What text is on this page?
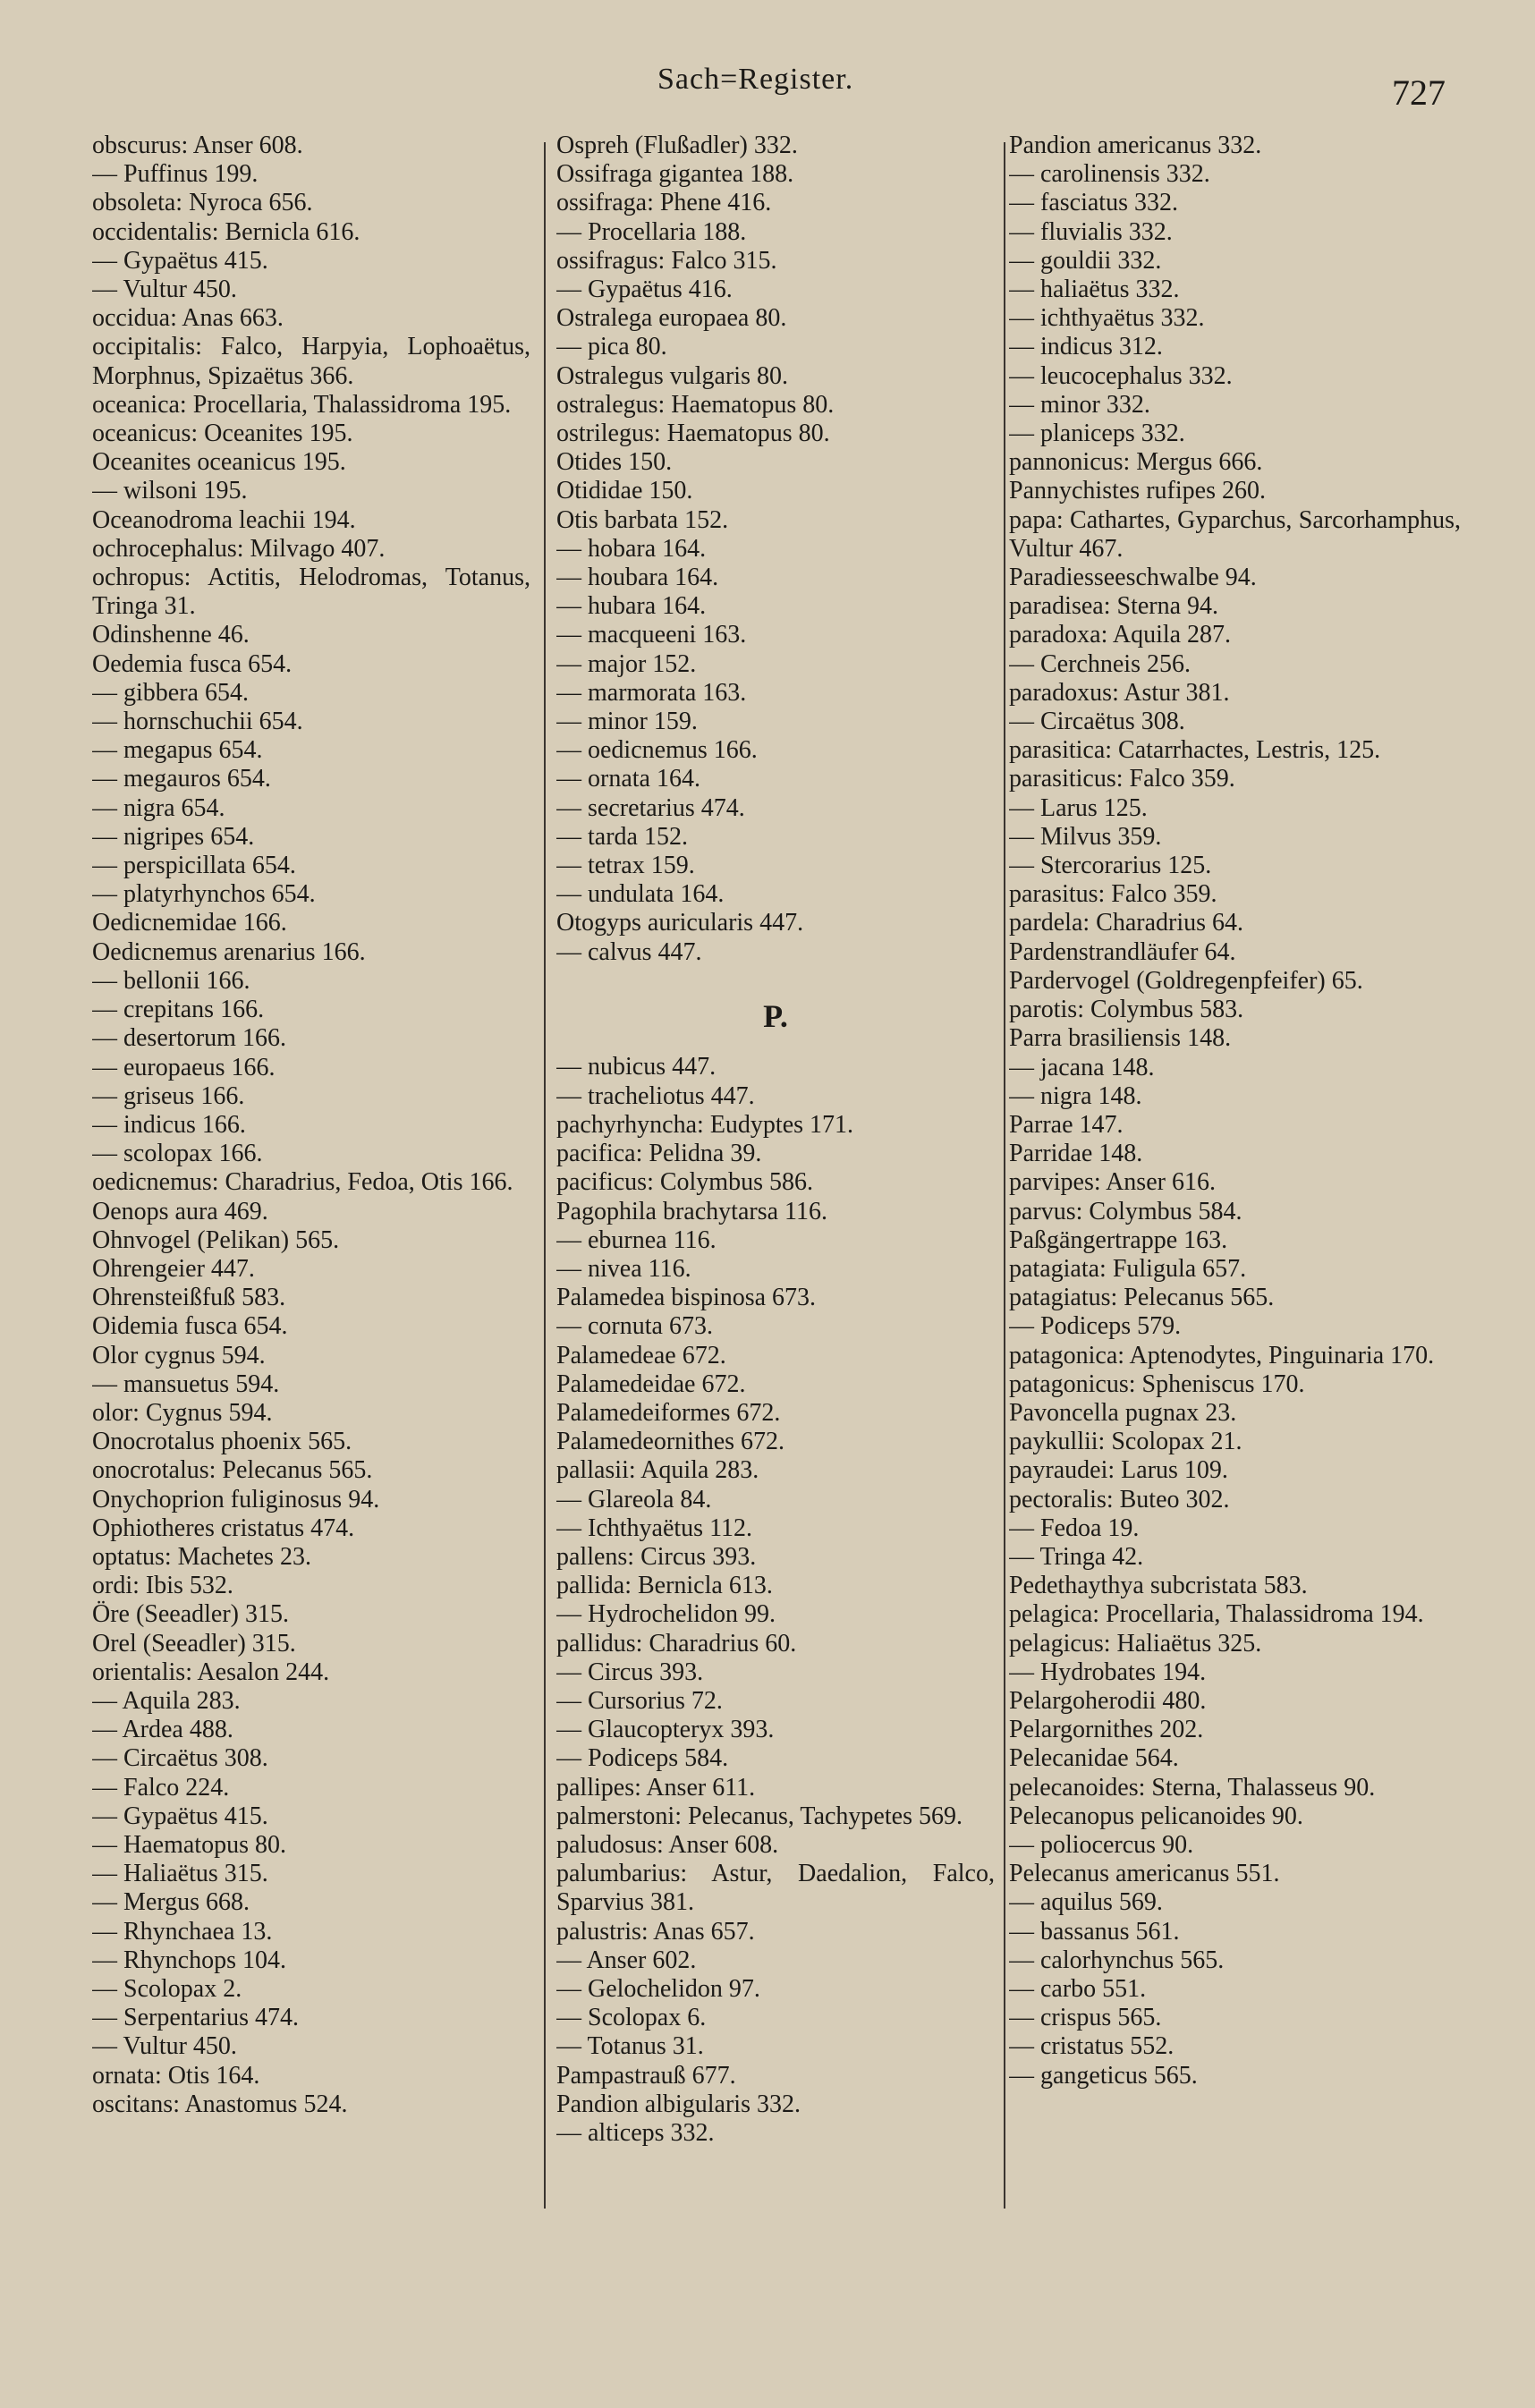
Sach=Register.	727
obscurus: Anser 608.
— Puffinus 199.
obsoleta: Nyroca 656.
occidentalis: Bernicla 616.
— Gypaëtus 415.
— Vultur 450.
occidua: Anas 663.
occipitalis: Falco, Harpyia, Lophoaëtus, Morphnus, Spizaëtus 366.
oceanica: Procellaria, Thalassidroma 195.
oceanicus: Oceanites 195.
Oceanites oceanicus 195.
— wilsoni 195.
Oceanodroma leachii 194.
ochrocephalus: Milvago 407.
ochropus: Actitis, Helodromas, Totanus, Tringa 31.
Odinshenne 46.
Oedemia fusca 654.
— gibbera 654.
— hornschuchii 654.
— megapus 654.
— megauros 654.
— nigra 654.
— nigripes 654.
— perspicillata 654.
— platyrhynchos 654.
Oedicnemidae 166.
Oedicnemus arenarius 166.
— bellonii 166.
— crepitans 166.
— desertorum 166.
— europaeus 166.
— griseus 166.
— indicus 166.
— scolopax 166.
oedicnemus: Charadrius, Fedoa, Otis 166.
Oenops aura 469.
Ohnvogel (Pelikan) 565.
Ohrengeier 447.
Ohrensteißfuß 583.
Oidemia fusca 654.
Olor cygnus 594.
— mansuetus 594.
olor: Cygnus 594.
Onocrotalus phoenix 565.
onocrotalus: Pelecanus 565.
Onychoprion fuliginosus 94.
Ophiotheres cristatus 474.
optatus: Machetes 23.
ordi: Ibis 532.
Öre (Seeadler) 315.
Orel (Seeadler) 315.
orientalis: Aesalon 244.
— Aquila 283.
— Ardea 488.
— Circaëtus 308.
— Falco 224.
— Gypaëtus 415.
— Haematopus 80.
— Haliaëtus 315.
— Mergus 668.
— Rhynchaea 13.
— Rhynchops 104.
— Scolopax 2.
— Serpentarius 474.
— Vultur 450.
ornata: Otis 164.
oscitans: Anastomus 524.
Ospreh (Flußadler) 332.
Ossifraga gigantea 188.
ossifraga: Phene 416.
— Procellaria 188.
ossifragus: Falco 315.
— Gypaëtus 416.
Ostralega europaea 80.
— pica 80.
Ostralegus vulgaris 80.
ostralegus: Haematopus 80.
ostrilegus: Haematopus 80.
Otides 150.
Otididae 150.
Otis barbata 152.
— hobara 164.
— houbara 164.
— hubara 164.
— macqueeni 163.
— major 152.
— marmorata 163.
— minor 159.
— oedicnemus 166.
— ornata 164.
— secretarius 474.
— tarda 152.
— tetrax 159.
— undulata 164.
Otogyps auricularis 447.
— calvus 447.
P.
— nubicus 447.
— tracheliotus 447.
pachyrhyncha: Eudyptes 171.
pacifica: Pelidna 39.
pacificus: Colymbus 586.
Pagophila brachytarsa 116.
— eburnea 116.
— nivea 116.
Palamedea bispinosa 673.
— cornuta 673.
Palamedeae 672.
Palamedeidae 672.
Palamedeiformes 672.
Palamedeornithes 672.
pallasii: Aquila 283.
— Glareola 84.
— Ichthyaëtus 112.
pallens: Circus 393.
pallida: Bernicla 613.
— Hydrochelidon 99.
pallidus: Charadrius 60.
— Circus 393.
— Cursorius 72.
— Glaucopteryx 393.
— Podiceps 584.
pallipes: Anser 611.
palmerstoni: Pelecanus, Tachypetes 569.
paludosus: Anser 608.
palumbarius: Astur, Daedalion, Falco, Sparvius 381.
palustris: Anas 657.
— Anser 602.
— Gelochelidon 97.
— Scolopax 6.
— Totanus 31.
Pampastrauß 677.
Pandion albigularis 332.
— alticeps 332.
Pandion americanus 332.
— carolinensis 332.
— fasciatus 332.
— fluvialis 332.
— gouldii 332.
— haliaëtus 332.
— ichthyaëtus 332.
— indicus 312.
— leucocephalus 332.
— minor 332.
— planiceps 332.
pannonicus: Mergus 666.
Pannychistes rufipes 260.
papa: Cathartes, Gyparchus, Sarcorhamphus, Vultur 467.
Paradiesseeschwalbe 94.
paradisea: Sterna 94.
paradoxa: Aquila 287.
— Cerchneis 256.
paradoxus: Astur 381.
— Circaëtus 308.
parasitica: Catarrhactes, Lestris, 125.
parasiticus: Falco 359.
— Larus 125.
— Milvus 359.
— Stercorarius 125.
parasitus: Falco 359.
pardela: Charadrius 64.
Pardenstrandläufer 64.
Pardervogel (Goldregenpfeifer) 65.
parotis: Colymbus 583.
Parra brasiliensis 148.
— jacana 148.
— nigra 148.
Parrae 147.
Parridae 148.
parvipes: Anser 616.
parvus: Colymbus 584.
Paßgängertrappe 163.
patagiata: Fuligula 657.
patagiatus: Pelecanus 565.
— Podiceps 579.
patagonica: Aptenodytes, Pinguinaria 170.
patagonicus: Spheniscus 170.
Pavoncella pugnax 23.
paykullii: Scolopax 21.
payraudei: Larus 109.
pectoralis: Buteo 302.
— Fedoa 19.
— Tringa 42.
Pedethaythya subcristata 583.
pelagica: Procellaria, Thalassidroma 194.
pelagicus: Haliaëtus 325.
— Hydrobates 194.
Pelargoherodii 480.
Pelargornithes 202.
Pelecanidae 564.
pelecanoides: Sterna, Thalasseus 90.
Pelecanopus pelicanoides 90.
— poliocercus 90.
Pelecanus americanus 551.
— aquilus 569.
— bassanus 561.
— calorhynchus 565.
— carbo 551.
— crispus 565.
— cristatus 552.
— gangeticus 565.
